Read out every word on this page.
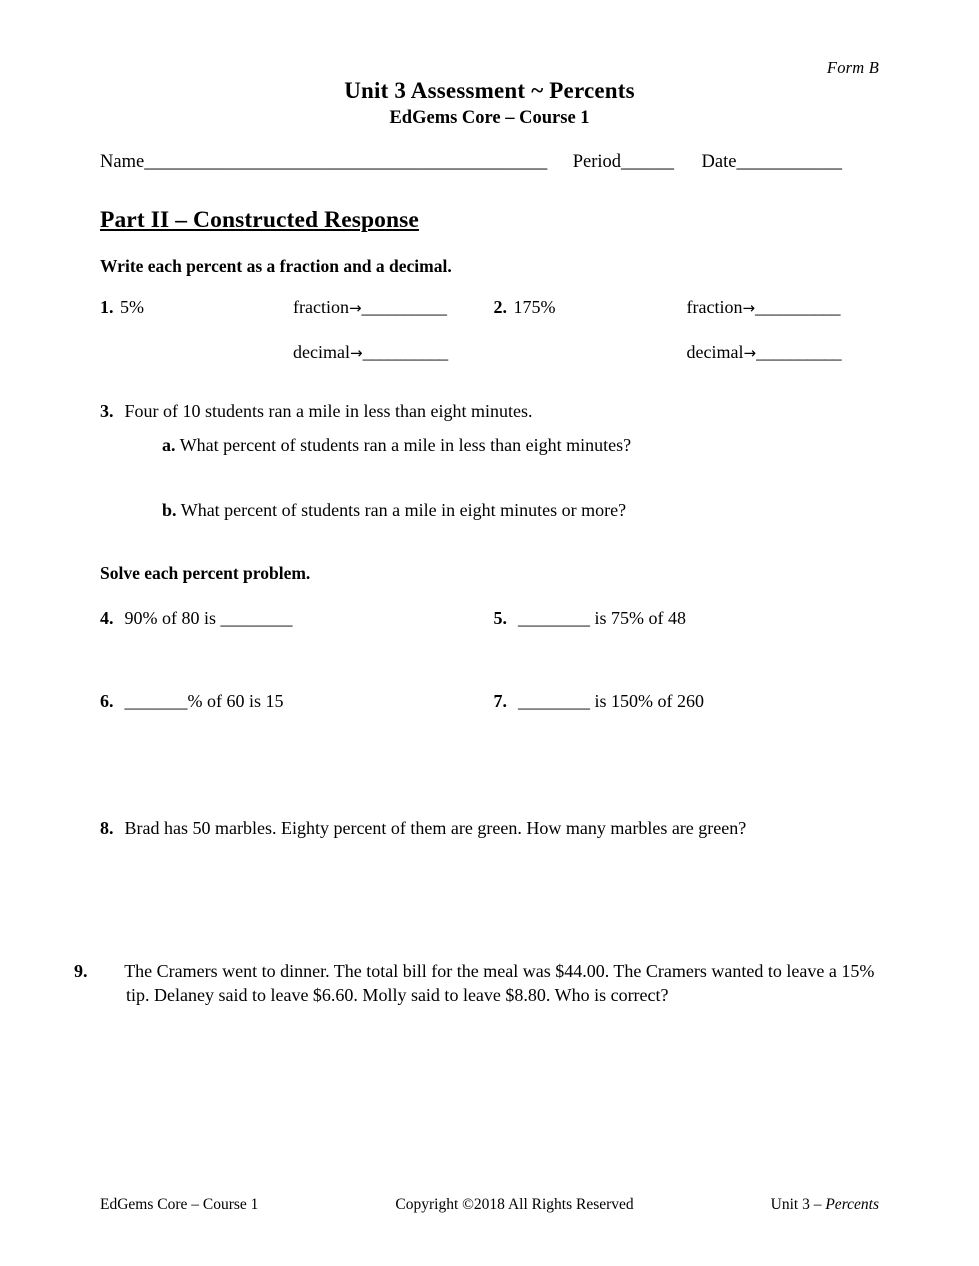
Form B
Unit 3 Assessment ~ Percents
EdGems Core – Course 1
Name ______________________________________________ Period ______ Date ____________
Part II – Constructed Response
Write each percent as a fraction and a decimal.
1. 5%	fraction → __________	2. 175%	fraction → __________
decimal → __________	decimal → __________
3. Four of 10 students ran a mile in less than eight minutes.
a. What percent of students ran a mile in less than eight minutes?
b. What percent of students ran a mile in eight minutes or more?
Solve each percent problem.
4. 90% of 80 is ________	5. ________ is 75% of 48
6. _______% of 60 is 15	7. ________ is 150% of 260
8. Brad has 50 marbles. Eighty percent of them are green. How many marbles are green?
9. The Cramers went to dinner. The total bill for the meal was $44.00. The Cramers wanted to leave a 15% tip. Delaney said to leave $6.60. Molly said to leave $8.80. Who is correct?
EdGems Core – Course 1	Copyright ©2018 All Rights Reserved	Unit 3 – Percents
